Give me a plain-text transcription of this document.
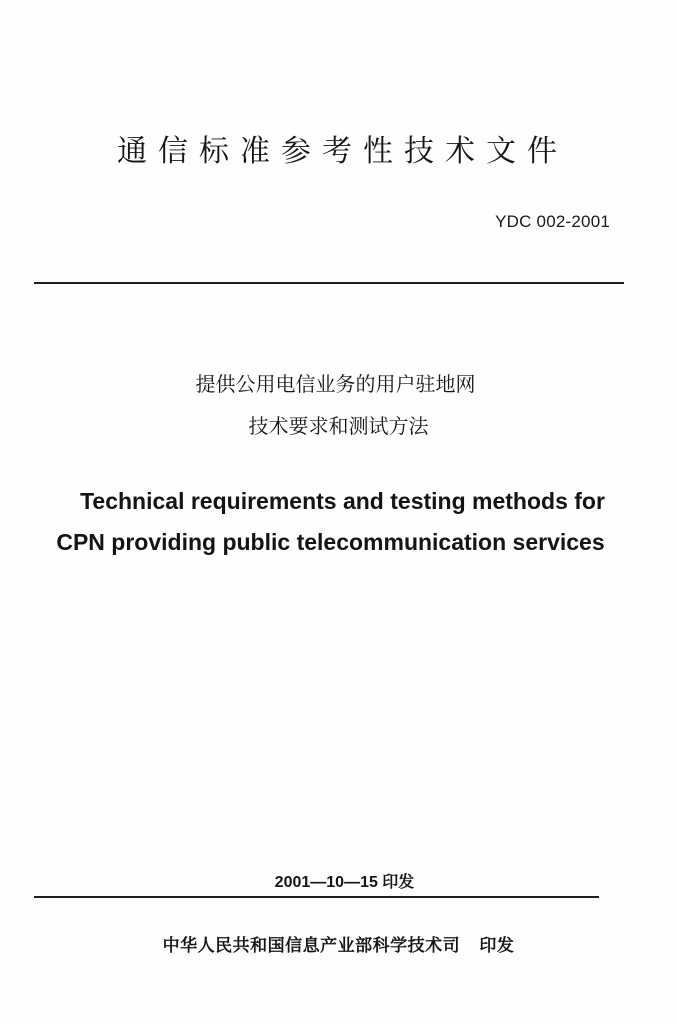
通信标准参考性技术文件
YDC 002-2001
提供公用电信业务的用户驻地网
技术要求和测试方法
Technical requirements and testing methods for
CPN providing public telecommunication services
2001—10—15 印发
中华人民共和国信息产业部科学技术司   印发
